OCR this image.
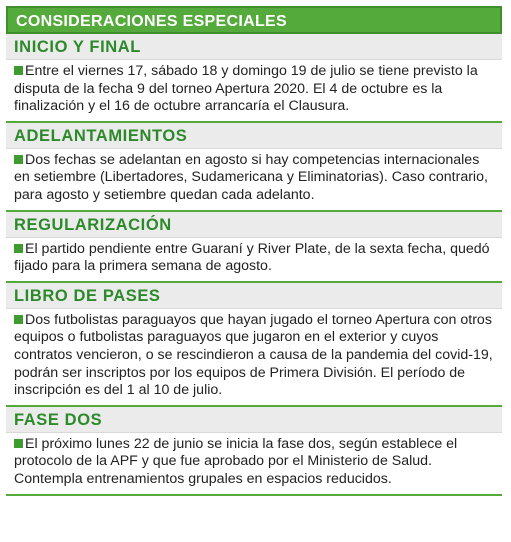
CONSIDERACIONES ESPECIALES
INICIO Y FINAL
Entre el viernes 17, sábado 18 y domingo 19 de julio se tiene previsto la disputa de la fecha 9 del torneo Apertura 2020. El 4 de octubre es la finalización y el 16 de octubre arrancaría el Clausura.
ADELANTAMIENTOS
Dos fechas se adelantan en agosto si hay competencias internacionales en setiembre (Libertadores, Sudamericana y Eliminatorias). Caso contrario, para agosto y setiembre quedan cada adelanto.
REGULARIZACIÓN
El partido pendiente entre Guaraní y River Plate, de la sexta fecha, quedó fijado para la primera semana de agosto.
LIBRO DE PASES
Dos futbolistas paraguayos que hayan jugado el torneo Apertura con otros equipos o futbolistas paraguayos que jugaron en el exterior y cuyos contratos vencieron, o se rescindieron a causa de la pandemia del covid-19, podrán ser inscriptos por los equipos de Primera División. El período de inscripción es del 1 al 10 de julio.
FASE DOS
El próximo lunes 22 de junio se inicia la fase dos, según establece el protocolo de la APF y que fue aprobado por el Ministerio de Salud. Contempla entrenamientos grupales en espacios reducidos.
